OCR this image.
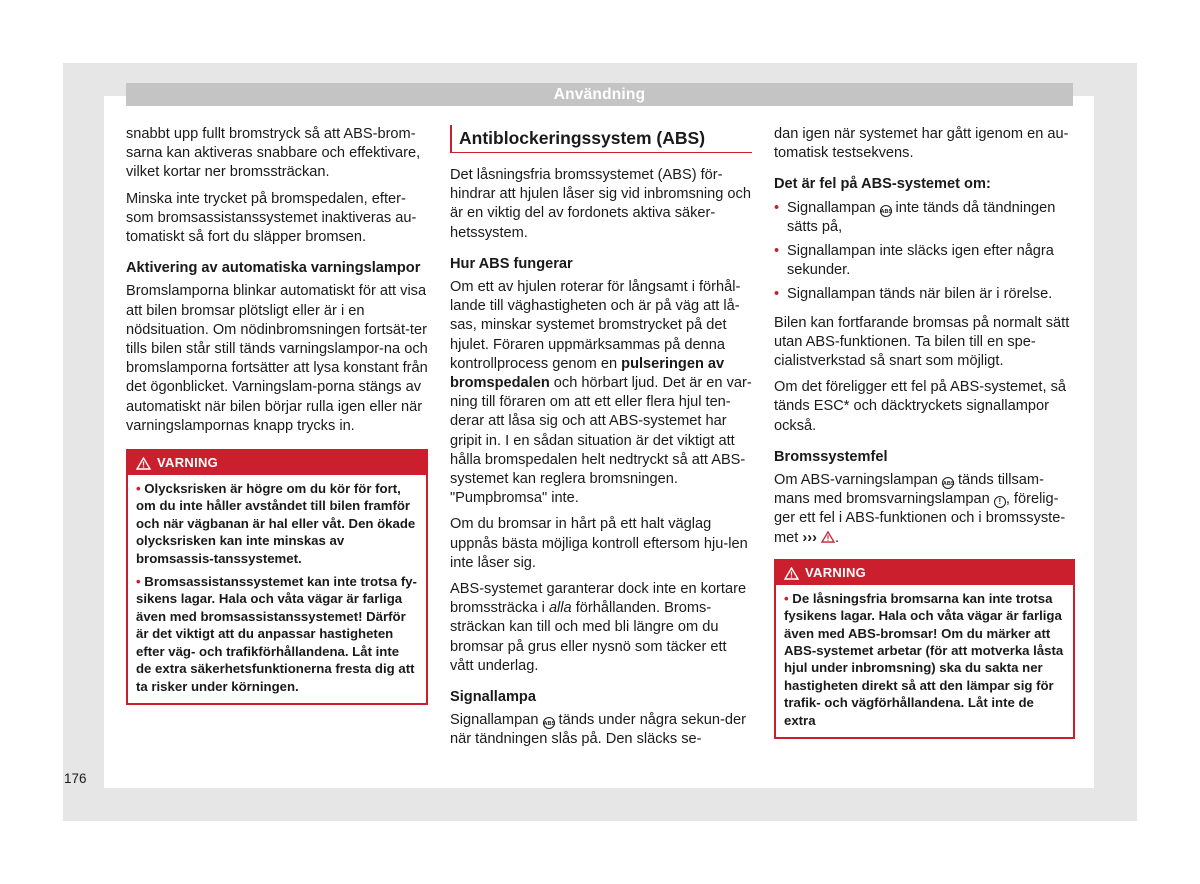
Användning

snabbt upp fullt bromstryck så att ABS-brom-sarna kan aktiveras snabbare och effektivare, vilket kortar ner bromssträckan.

Minska inte trycket på bromspedalen, efter-som bromsassistanssystemet inaktiveras au-tomatiskt så fort du släpper bromsen.

Aktivering av automatiska varningslampor

Bromslamporna blinkar automatiskt för att visa att bilen bromsar plötsligt eller är i en nödsituation. Om nödinbromsningen fortsät-ter tills bilen står still tänds varningslampor-na och bromslamporna fortsätter att lysa konstant från det ögonblicket. Varningslam-porna stängs av automatiskt när bilen börjar rulla igen eller när varningslampornas knapp trycks in.

VARNING
• Olycksrisken är högre om du kör för fort, om du inte håller avståndet till bilen framför och när vägbanan är hal eller våt. Den ökade olycksrisken kan inte minskas av bromsassis-tanssystemet.
• Bromsassistanssystemet kan inte trotsa fy-sikens lagar. Hala och våta vägar är farliga även med bromsassistanssystemet! Därför är det viktigt att du anpassar hastigheten efter väg- och trafikförhållandena. Låt inte de extra säkerhetsfunktionerna fresta dig att ta risker under körningen.
Antiblockeringssystem (ABS)

Det låsningsfria bromssystemet (ABS) för-hindrar att hjulen låser sig vid inbromsning och är en viktig del av fordonets aktiva säker-hetssystem.

Hur ABS fungerar

Om ett av hjulen roterar för långsamt i förhål-lande till väghastigheten och är på väg att lå-sas, minskar systemet bromstrycket på det hjulet. Föraren uppmärksammas på denna kontrollprocess genom en pulseringen av bromspedalen och hörbart ljud. Det är en var-ning till föraren om att ett eller flera hjul ten-derar att låsa sig och att ABS-systemet har gripit in. I en sådan situation är det viktigt att hålla bromspedalen helt nedtryckt så att ABS-systemet kan reglera bromsningen. "Pumpbromsa" inte.

Om du bromsar in hårt på ett halt väglag uppnås bästa möjliga kontroll eftersom hju-len inte låser sig.

ABS-systemet garanterar dock inte en kortare bromssträcka i alla förhållanden. Broms-sträckan kan till och med bli längre om du bromsar på grus eller nysnö som täcker ett vått underlag.

Signallampa

Signallampan ABS tänds under några sekun-der när tändningen slås på. Den släcks se-

dan igen när systemet har gått igenom en au-tomatisk testsekvens.

Det är fel på ABS-systemet om:
• Signallampan ABS inte tänds då tändningen sätts på,
• Signallampan inte släcks igen efter några sekunder.
• Signallampan tänds när bilen är i rörelse.

Bilen kan fortfarande bromsas på normalt sätt utan ABS-funktionen. Ta bilen till en spe-cialistverkstad så snart som möjligt.

Om det föreligger ett fel på ABS-systemet, så tänds ESC* och däcktryckets signallampor också.

Bromssystemfel

Om ABS-varningslampan ABS tänds tillsam-mans med bromsvarningslampan ! , förelig-ger ett fel i ABS-funktionen och i bromssyste-met ››› .

VARNING
• De låsningsfria bromsarna kan inte trotsa fysikens lagar. Hala och våta vägar är farliga även med ABS-bromsar! Om du märker att ABS-systemet arbetar (för att motverka låsta hjul under inbromsning) ska du sakta ner hastigheten direkt så att den lämpar sig för trafik- och vägförhållandena. Låt inte de extra
176
